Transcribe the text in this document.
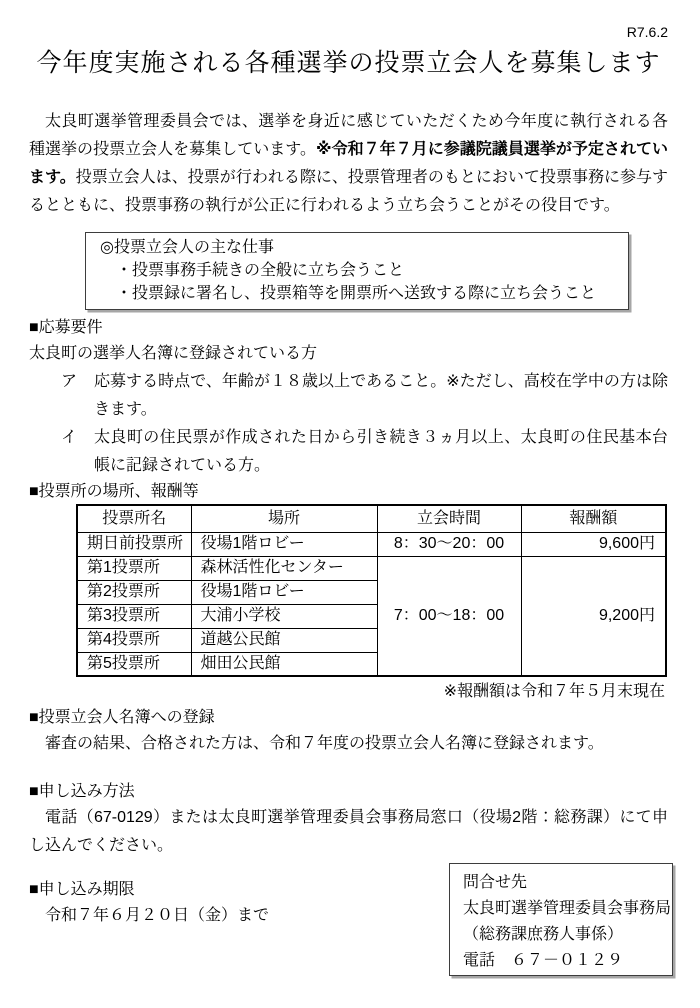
R7.6.2
今年度実施される各種選挙の投票立会人を募集します

太良町選挙管理委員会では、選挙を身近に感じていただくため今年度に執行される各種選挙の投票立会人を募集しています。※令和７年７月に参議院議員選挙が予定されています。投票立会人は、投票が行われる際に、投票管理者のもとにおいて投票事務に参与するとともに、投票事務の執行が公正に行われるよう立ち会うことがその役目です。

◎投票立会人の主な仕事
・投票事務手続きの全般に立ち会うこと
・投票録に署名し、投票箱等を開票所へ送致する際に立ち会うこと
■応募要件
太良町の選挙人名簿に登録されている方
ア	応募する時点で、年齢が１８歳以上であること。※ただし、高校在学中の方は除きます。
イ	太良町の住民票が作成された日から引き続き３ヵ月以上、太良町の住民基本台帳に記録されている方。
■投票所の場所、報酬等
投票所名	場所	立会時間	報酬額
期日前投票所	役場1階ロビー	8：30～20：00	9,600円
第1投票所	森林活性化センター	7：00～18：00	9,200円
第2投票所	役場1階ロビー		
第3投票所	大浦小学校		
第4投票所	道越公民館		
第5投票所	畑田公民館		
※報酬額は令和７年５月末現在
■投票立会人名簿への登録
審査の結果、合格された方は、令和７年度の投票立会人名簿に登録されます。
■申し込み方法
電話（67-0129）または太良町選挙管理委員会事務局窓口（役場2階：総務課）にて申し込んでください。
■申し込み期限
令和７年６月２０日（金）まで
問合せ先
太良町選挙管理委員会事務局
（総務課庶務人事係）
電話　６７－０１２９
